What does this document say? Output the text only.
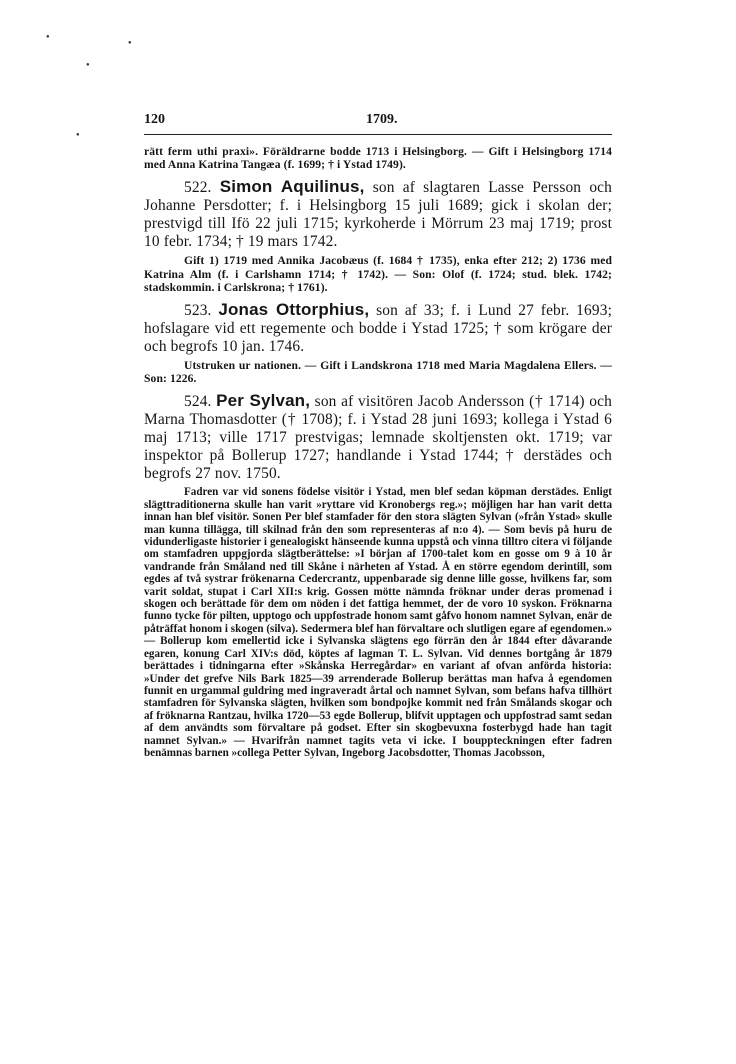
●
●
●
●
120	1709.

rätt ferm uthi praxi». Föräldrarne bodde 1713 i Helsingborg. — Gift i Helsingborg 1714 med Anna Katrina Tangæa (f. 1699; † i Ystad 1749).

522. Simon Aquilinus, son af slagtaren Lasse Persson och Johanne Persdotter; f. i Helsingborg 15 juli 1689; gick i skolan der; prestvigd till Ifö 22 juli 1715; kyrkoherde i Mörrum 23 maj 1719; prost 10 febr. 1734; † 19 mars 1742.

Gift 1) 1719 med Annika Jacobæus (f. 1684 † 1735), enka efter 212; 2) 1736 med Katrina Alm (f. i Carlshamn 1714; † 1742). — Son: Olof (f. 1724; stud. blek. 1742; stadskommin. i Carlskrona; † 1761).

523. Jonas Ottorphius, son af 33; f. i Lund 27 febr. 1693; hofslagare vid ett regemente och bodde i Ystad 1725; † som krögare der och begrofs 10 jan. 1746.

Utstruken ur nationen. — Gift i Landskrona 1718 med Maria Magdalena Ellers. — Son: 1226.

524. Per Sylvan, son af visitören Jacob Andersson († 1714) och Marna Thomasdotter († 1708); f. i Ystad 28 juni 1693; kollega i Ystad 6 maj 1713; ville 1717 prestvigas; lemnade skoltjensten okt. 1719; var inspektor på Bollerup 1727; handlande i Ystad 1744; † derstädes och begrofs 27 nov. 1750.

Fadren var vid sonens födelse visitör i Ystad, men blef sedan köpman derstädes. Enligt slägttraditionerna skulle han varit »ryttare vid Kronobergs reg.»; möjligen har han varit detta innan han blef visitör. Sonen Per blef stamfader för den stora slägten Sylvan (»från Ystad» skulle man kunna tillägga, till skilnad från den som representeras af n:o 4). — Som bevis på huru de vidunderligaste historier i genealogiskt hänseende kunna uppstå och vinna tilltro citera vi följande om stamfadren uppgjorda slägtberättelse: »I början af 1700-talet kom en gosse om 9 à 10 år vandrande från Småland ned till Skåne i närheten af Ystad. Å en större egendom derintill, som egdes af två systrar frökenarna Cedercrantz, uppenbarade sig denne lille gosse, hvilkens far, som varit soldat, stupat i Carl XII:s krig. Gossen mötte nämnda fröknar under deras promenad i skogen och berättade för dem om nöden i det fattiga hemmet, der de voro 10 syskon. Fröknarna funno tycke för pilten, upptogo och uppfostrade honom samt gåfvo honom namnet Sylvan, enär de påträffat honom i skogen (silva). Sedermera blef han förvaltare och slutligen egare af egendomen.» — Bollerup kom emellertid icke i Sylvanska slägtens ego förrän den år 1844 efter dåvarande egaren, konung Carl XIV:s död, köptes af lagman T. L. Sylvan. Vid dennes bortgång år 1879 berättades i tidningarna efter »Skånska Herregårdar» en variant af ofvan anförda historia: »Under det grefve Nils Bark 1825—39 arrenderade Bollerup berättas man hafva å egendomen funnit en urgammal guldring med ingraveradt årtal och namnet Sylvan, som befans hafva tillhört stamfadren för Sylvanska slägten, hvilken som bondpojke kommit ned från Smålands skogar och af fröknarna Rantzau, hvilka 1720—53 egde Bollerup, blifvit upptagen och uppfostrad samt sedan af dem användts som förvaltare på godset. Efter sin skogbevuxna fosterbygd hade han tagit namnet Sylvan.» — Hvarifrån namnet tagits veta vi icke. I bouppteckningen efter fadren benämnas barnen »collega Petter Sylvan, Ingeborg Jacobsdotter, Thomas Jacobsson,
